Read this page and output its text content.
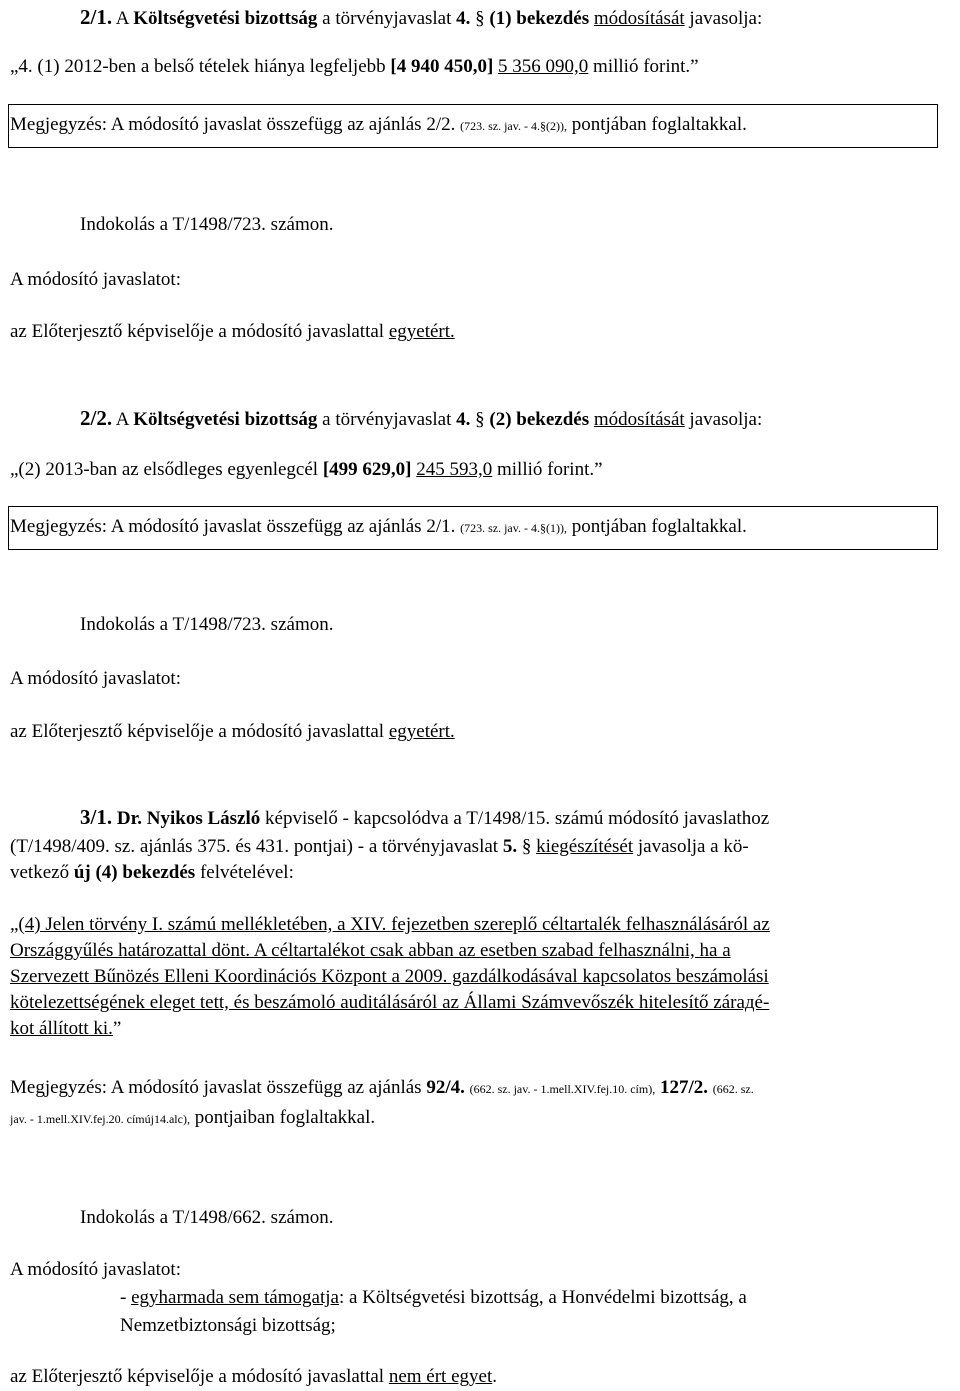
2/1. A Költségvetési bizottság a törvényjavaslat 4. § (1) bekezdés módosítását javasolja:
„4. (1) 2012-ben a belső tételek hiánya legfeljebb [4 940 450,0] 5 356 090,0 millió forint.”
Megjegyzés: A módosító javaslat összefügg az ajánlás 2/2. (723. sz. jav. - 4.§(2)), pontjában foglaltakkal.
Indokolás a T/1498/723. számon.
A módosító javaslatot:
az Előterjesztő képviselője a módosító javaslattal egyetért.
2/2. A Költségvetési bizottság a törvényjavaslat 4. § (2) bekezdés módosítását javasolja:
„(2) 2013-ban az elsődleges egyenlegcél [499 629,0] 245 593,0 millió forint.”
Megjegyzés: A módosító javaslat összefügg az ajánlás 2/1. (723. sz. jav. - 4.§(1)), pontjában foglaltakkal.
Indokolás a T/1498/723. számon.
A módosító javaslatot:
az Előterjesztő képviselője a módosító javaslattal egyetért.
3/1. Dr. Nyikos László képviselő - kapcsolódva a T/1498/15. számú módosító javaslathoz
(T/1498/409. sz. ajánlás 375. és 431. pontjai) - a törvényjavaslat 5. § kiegészítését javasolja a kö-
vetkező új (4) bekezdés felvételével:
„(4) Jelen törvény I. számú mellékletében, a XIV. fejezetben szereplő céltartalék felhasználásáról az
Országgyűlés határozattal dönt. A céltartalékot csak abban az esetben szabad felhasználni, ha a
Szervezett Bűnözés Elleni Koordinációs Központ a 2009. gazdálkodásával kapcsolatos beszámolási
kötelezettségének eleget tett, és beszámoló auditálásáról az Állami Számvevőszék hitelesítő zárадé-
kot állított ki.”
Megjegyzés: A módosító javaslat összefügg az ajánlás 92/4. (662. sz. jav. - 1.mell.XIV.fej.10. cím), 127/2. (662. sz.
jav. - 1.mell.XIV.fej.20. címúj14.alc), pontjaiban foglaltakkal.
Indokolás a T/1498/662. számon.
A módosító javaslatot:
- egyharmada sem támogatja: a Költségvetési bizottság, a Honvédelmi bizottság, a
Nemzetbiztonsági bizottság;
az Előterjesztő képviselője a módosító javaslattal nem ért egyet.
